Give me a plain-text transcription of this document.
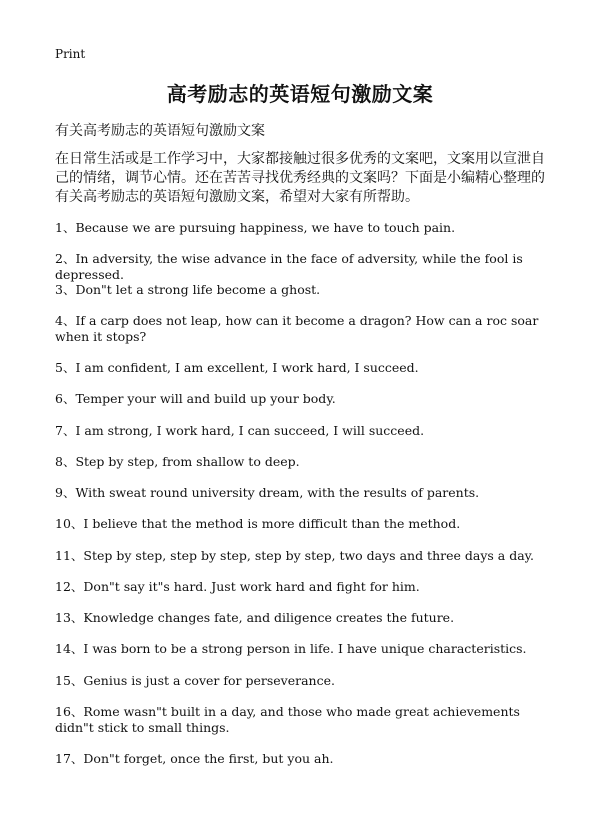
Print
高考励志的英语短句激励文案
有关高考励志的英语短句激励文案
在日常生活或是工作学习中，大家都接触过很多优秀的文案吧，文案用以宣泄自己的情绪，调节心情。还在苦苦寻找优秀经典的文案吗？下面是小编精心整理的有关高考励志的英语短句激励文案，希望对大家有所帮助。
1、Because we are pursuing happiness, we have to touch pain.
2、In adversity, the wise advance in the face of adversity, while the fool is depressed.
3、Don"t let a strong life become a ghost.
4、If a carp does not leap, how can it become a dragon? How can a roc soar when it stops?
5、I am confident, I am excellent, I work hard, I succeed.
6、Temper your will and build up your body.
7、I am strong, I work hard, I can succeed, I will succeed.
8、Step by step, from shallow to deep.
9、With sweat round university dream, with the results of parents.
10、I believe that the method is more difficult than the method.
11、Step by step, step by step, step by step, two days and three days a day.
12、Don"t say it"s hard. Just work hard and fight for him.
13、Knowledge changes fate, and diligence creates the future.
14、I was born to be a strong person in life. I have unique characteristics.
15、Genius is just a cover for perseverance.
16、Rome wasn"t built in a day, and those who made great achievements didn"t stick to small things.
17、Don"t forget, once the first, but you ah.
